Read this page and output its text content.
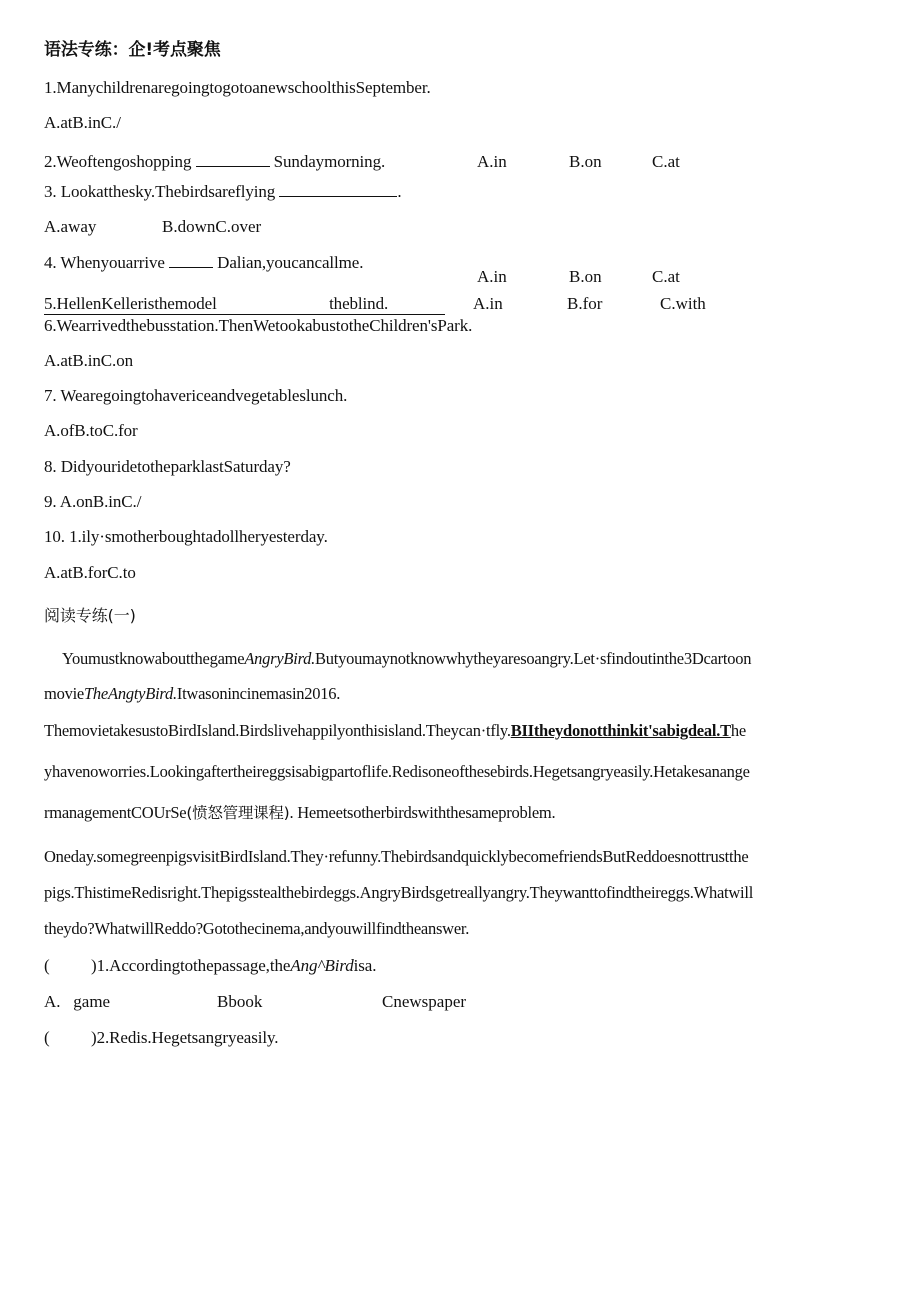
语法专练：企!考点聚焦
1.ManychildrenaregoingtogotoanewschoolthisSeptember.
A.atB.inC./
2.Weoftengoshopping	Sundaymorning.	A.in	B.on	C.at
3. Lookatthesky.Thebirdsareflying	.
A.away	B.downC.over
4. Whenyouarrive	Dalian,youcancallme.
A.in	B.on	C.at
5.HellenKelleristhemodel	theblind.	A.in	B.for	C.with
6.Wearrivedthebusstation.ThenWetookabustotheChildren'sPark.
A.atB.inC.on
7. Wearegoingtohavericeandvegetableslunch.
A.ofB.toC.for
8. DidyouridetotheparklastSaturday?
9. A.onB.inC./
10. 1.ily·smotherboughtadollheryesterday.
A.atB.forC.to
阅读专练(一)
YoumustknowaboutthegameAngryBird.Butyoumaynotknowwhytheyaresoangry.Let·sfindoutinthe3Dcartoon
movieTheAngtyBird.Itwasonincinemasin2016.
ThemovietakesustoBirdIsland.Birdslivehappilyonthisisland.Theycan·tfly.BIItheydonotthinkit'sabigdeal.The
yhavenoworries.Lookingaftertheireggsisabigpartoflife.Redisoneofthesebirds.Hegetsangryeasily.Hetakesanange
rmanagementCOUrSe(愤怒管理课程). Hemeetsotherbirdswiththesameproblem.
Oneday.somegreenpigsvisitBirdIsland.They·refunny.ThebirdsandquicklybecomefriendsButReddoesnottrustthe
pigs.ThistimeRedisright.Thepigsstealthebirdeggs.AngryBirdsgetreallyangry.Theywanttofindtheireggs.Whatwill
theydo?WhatwillReddo?Gotothecinema,andyouwillfindtheanswer.
(          )1.Accordingtothepassage,theAng^Birdisa.
A.   game	Bbook	Cnewspaper
(          )2.Redis.Hegetsangryeasily.
